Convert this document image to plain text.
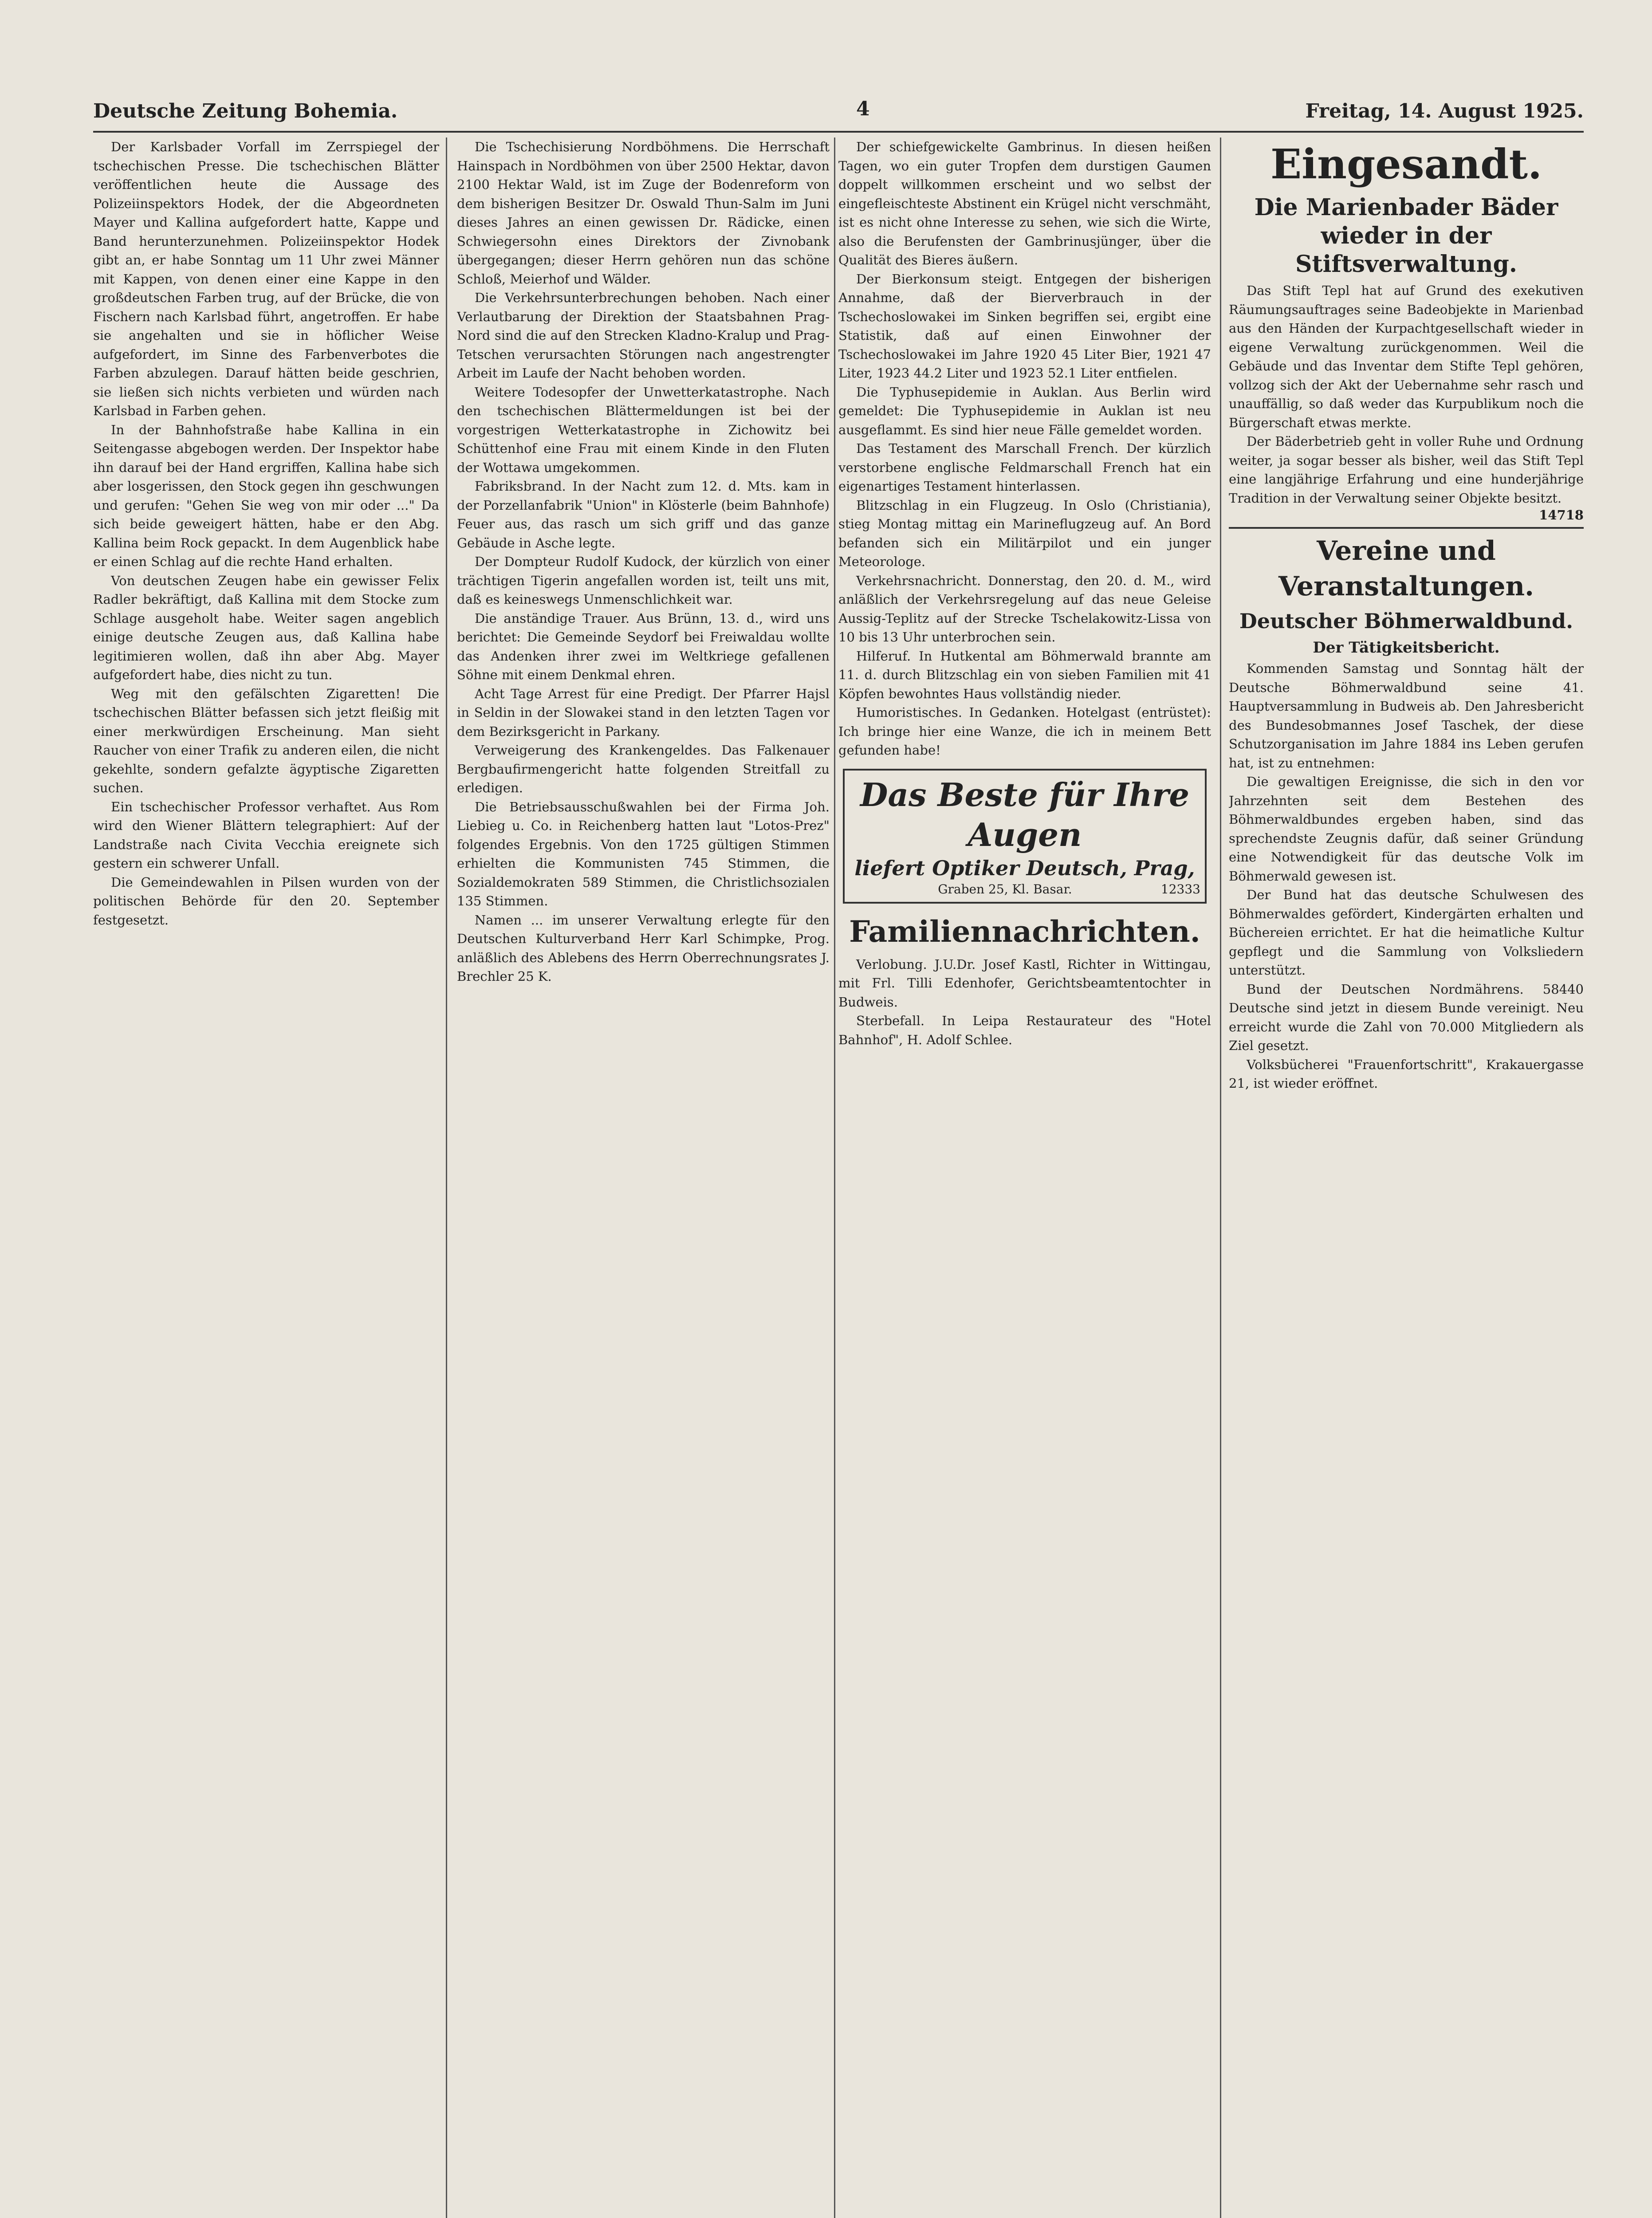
Deutsche Zeitung Bohemia.	4	Freitag, 14. August 1925.

Der Karlsbader Vorfall im Zerrspiegel der tschechischen Presse. Die tschechischen Blätter veröffentlichen heute die Aussage des Polizeiinspektors Hodek, der die Abgeordneten Mayer und Kallina aufgefordert hatte, Kappe und Band herunterzunehmen. Polizeiinspektor Hodek gibt an, er habe Sonntag um 11 Uhr zwei Männer mit Kappen, von denen einer eine Kappe in den großdeutschen Farben trug, auf der Brücke, die von Fischern nach Karlsbad führt, angetroffen. Er habe sie angehalten und sie in höflicher Weise aufgefordert, im Sinne des Farbenverbotes die Farben abzulegen. Darauf hätten beide geschrien, sie ließen sich nichts verbieten und würden nach Karlsbad in Farben gehen.

In der Bahnhofstraße habe Kallina in ein Seitengasse abgebogen werden. Der Inspektor habe ihn darauf bei der Hand ergriffen, Kallina habe sich aber losgerissen, den Stock gegen ihn geschwungen und gerufen: "Gehen Sie weg von mir oder ..." Da sich beide geweigert hätten, habe er den Abg. Kallina beim Rock gepackt. In dem Augenblick habe er einen Schlag auf die rechte Hand erhalten.

Von deutschen Zeugen habe ein gewisser Felix Radler bekräftigt, daß Kallina mit dem Stocke zum Schlage ausgeholt habe. Weiter sagen angeblich einige deutsche Zeugen aus, daß Kallina habe legitimieren wollen, daß ihn aber Abg. Mayer aufgefordert habe, dies nicht zu tun.

Weg mit den gefälschten Zigaretten! Die tschechischen Blätter befassen sich jetzt fleißig mit einer merkwürdigen Erscheinung. Man sieht Raucher von einer Trafik zu anderen eilen, die nicht gekehlte, sondern gefalzte ägyptische Zigaretten suchen.

Ein tschechischer Professor verhaftet. Aus Rom wird den Wiener Blättern telegraphiert: Auf der Landstraße nach Civita Vecchia ereignete sich gestern ein schwerer Unfall.

Die Gemeindewahlen in Pilsen wurden von der politischen Behörde für den 20. September festgesetzt.

Die Tschechisierung Nordböhmens. Die Herrschaft Hainspach in Nordböhmen von über 2500 Hektar, davon 2100 Hektar Wald, ist im Zuge der Bodenreform von dem bisherigen Besitzer Dr. Oswald Thun-Salm im Juni dieses Jahres an einen gewissen Dr. Rädicke, einen Schwiegersohn eines Direktors der Zivnobank übergegangen; dieser Herrn gehören nun das schöne Schloß, Meierhof und Wälder.

Die Verkehrsunterbrechungen behoben. Nach einer Verlautbarung der Direktion der Staatsbahnen Prag-Nord sind die auf den Strecken Kladno-Kralup und Prag-Tetschen verursachten Störungen nach angestrengter Arbeit im Laufe der Nacht behoben worden.

Weitere Todesopfer der Unwetterkatastrophe. Nach den tschechischen Blättermeldungen ist bei der vorgestrigen Wetterkatastrophe in Zichowitz bei Schüttenhof eine Frau mit einem Kinde in den Fluten der Wottawa umgekommen.

Fabriksbrand. In der Nacht zum 12. d. Mts. kam in der Porzellanfabrik "Union" in Klösterle (beim Bahnhofe) Feuer aus, das rasch um sich griff und das ganze Gebäude in Asche legte.

Der Dompteur Rudolf Kudock, der kürzlich von einer trächtigen Tigerin angefallen worden ist, teilt uns mit, daß es keineswegs Unmenschlichkeit war.

Die anständige Trauer. Aus Brünn, 13. d., wird uns berichtet: Die Gemeinde Seydorf bei Freiwaldau wollte das Andenken ihrer zwei im Weltkriege gefallenen Söhne mit einem Denkmal ehren.

Acht Tage Arrest für eine Predigt. Der Pfarrer Hajsl in Seldin in der Slowakei stand in den letzten Tagen vor dem Bezirksgericht in Parkany.

Verweigerung des Krankengeldes. Das Falkenauer Bergbaufirmengericht hatte folgenden Streitfall zu erledigen.

Die Betriebsausschußwahlen bei der Firma Joh. Liebieg u. Co. in Reichenberg hatten laut "Lotos-Prez" folgendes Ergebnis. Von den 1725 gültigen Stimmen erhielten die Kommunisten 745 Stimmen, die Sozialdemokraten 589 Stimmen, die Christlichsozialen 135 Stimmen.

Namen ... im unserer Verwaltung erlegte für den Deutschen Kulturverband Herr Karl Schimpke, Prog. anläßlich des Ablebens des Herrn Oberrechnungsrates J. Brechler 25 K.

Der schiefgewickelte Gambrinus. In diesen heißen Tagen, wo ein guter Tropfen dem durstigen Gaumen doppelt willkommen erscheint und wo selbst der eingefleischteste Abstinent ein Krügel nicht verschmäht, ist es nicht ohne Interesse zu sehen, wie sich die Wirte, also die Berufensten der Gambrinusjünger, über die Qualität des Bieres äußern.

Der Bierkonsum steigt. Entgegen der bisherigen Annahme, daß der Bierverbrauch in der Tschechoslowakei im Sinken begriffen sei, ergibt eine Statistik, daß auf einen Einwohner der Tschechoslowakei im Jahre 1920 45 Liter Bier, 1921 47 Liter, 1923 44.2 Liter und 1923 52.1 Liter entfielen.

Die Typhusepidemie in Auklan. Aus Berlin wird gemeldet: Die Typhusepidemie in Auklan ist neu ausgeflammt. Es sind hier neue Fälle gemeldet worden.

Das Testament des Marschall French. Der kürzlich verstorbene englische Feldmarschall French hat ein eigenartiges Testament hinterlassen.

Blitzschlag in ein Flugzeug. In Oslo (Christiania), stieg Montag mittag ein Marineflugzeug auf. An Bord befanden sich ein Militärpilot und ein junger Meteorologe.

Verkehrsnachricht. Donnerstag, den 20. d. M., wird anläßlich der Verkehrsregelung auf das neue Geleise Aussig-Teplitz auf der Strecke Tschelakowitz-Lissa von 10 bis 13 Uhr unterbrochen sein.

Hilferuf. In Hutkental am Böhmerwald brannte am 11. d. durch Blitzschlag ein von sieben Familien mit 41 Köpfen bewohntes Haus vollständig nieder.

Humoristisches. In Gedanken. Hotelgast (entrüstet): Ich bringe hier eine Wanze, die ich in meinem Bett gefunden habe!

Das Beste für Ihre Augen
liefert Optiker Deutsch, Prag,
Graben 25, Kl. Basar.	12333
Familiennachrichten.

Verlobung. J.U.Dr. Josef Kastl, Richter in Wittingau, mit Frl. Tilli Edenhofer, Gerichtsbeamtentochter in Budweis.

Sterbefall. In Leipa Restaurateur des "Hotel Bahnhof", H. Adolf Schlee.

Eingesandt.
Die Marienbader Bäder wieder in der Stiftsverwaltung.

Das Stift Tepl hat auf Grund des exekutiven Räumungsauftrages seine Badeobjekte in Marienbad aus den Händen der Kurpachtgesellschaft wieder in eigene Verwaltung zurückgenommen. Weil die Gebäude und das Inventar dem Stifte Tepl gehören, vollzog sich der Akt der Uebernahme sehr rasch und unauffällig, so daß weder das Kurpublikum noch die Bürgerschaft etwas merkte.

Der Bäderbetrieb geht in voller Ruhe und Ordnung weiter, ja sogar besser als bisher, weil das Stift Tepl eine langjährige Erfahrung und eine hunderjährige Tradition in der Verwaltung seiner Objekte besitzt.

14718
Vereine und Veranstaltungen.
Deutscher Böhmerwaldbund.
Der Tätigkeitsbericht.

Kommenden Samstag und Sonntag hält der Deutsche Böhmerwaldbund seine 41. Hauptversammlung in Budweis ab. Den Jahresbericht des Bundesobmannes Josef Taschek, der diese Schutzorganisation im Jahre 1884 ins Leben gerufen hat, ist zu entnehmen:

Die gewaltigen Ereignisse, die sich in den vor Jahrzehnten seit dem Bestehen des Böhmerwaldbundes ergeben haben, sind das sprechendste Zeugnis dafür, daß seiner Gründung eine Notwendigkeit für das deutsche Volk im Böhmerwald gewesen ist.

Der Bund hat das deutsche Schulwesen des Böhmerwaldes gefördert, Kindergärten erhalten und Büchereien errichtet. Er hat die heimatliche Kultur gepflegt und die Sammlung von Volksliedern unterstützt.

Bund der Deutschen Nordmährens. 58440 Deutsche sind jetzt in diesem Bunde vereinigt. Neu erreicht wurde die Zahl von 70.000 Mitgliedern als Ziel gesetzt.

Volksbücherei "Frauenfortschritt", Krakauergasse 21, ist wieder eröffnet.
